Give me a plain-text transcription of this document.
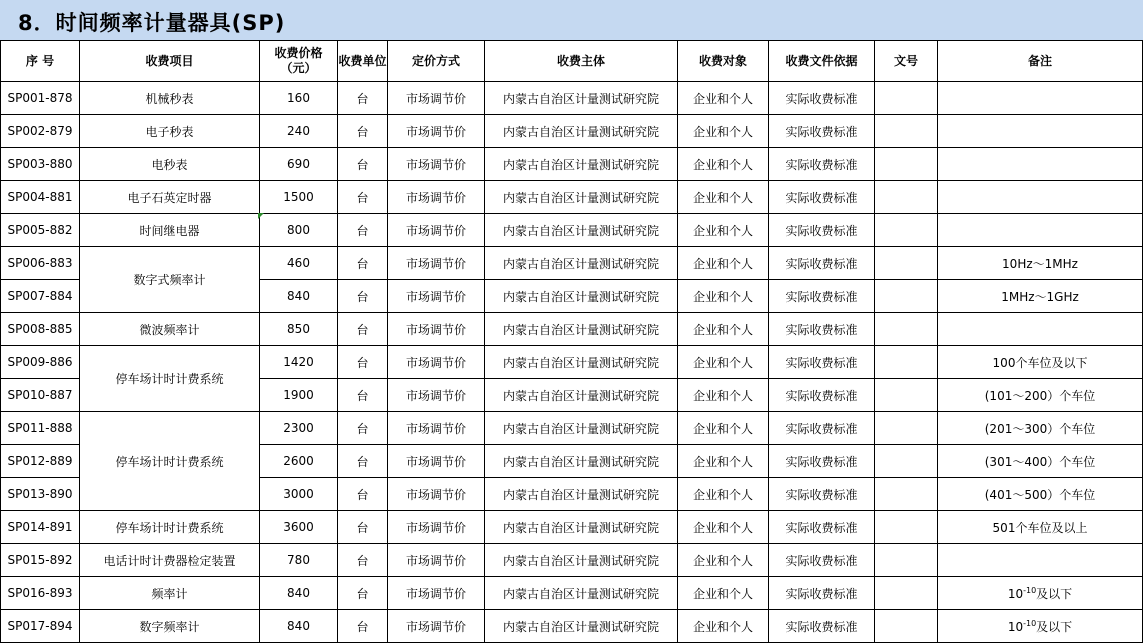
8．时间频率计量器具(SP)
序 号	收费项目	收费价格（元）	收费单位	定价方式	收费主体	收费对象	收费文件依据	文号	备注
SP001-878	机械秒表	160	台	市场调节价	内蒙古自治区计量测试研究院	企业和个人	实际收费标准		
SP002-879	电子秒表	240	台	市场调节价	内蒙古自治区计量测试研究院	企业和个人	实际收费标准		
SP003-880	电秒表	690	台	市场调节价	内蒙古自治区计量测试研究院	企业和个人	实际收费标准		
SP004-881	电子石英定时器	1500	台	市场调节价	内蒙古自治区计量测试研究院	企业和个人	实际收费标准		
SP005-882	时间继电器	800	台	市场调节价	内蒙古自治区计量测试研究院	企业和个人	实际收费标准		
SP006-883	数字式频率计	460	台	市场调节价	内蒙古自治区计量测试研究院	企业和个人	实际收费标准		10Hz～1MHz
SP007-884		840	台	市场调节价	内蒙古自治区计量测试研究院	企业和个人	实际收费标准		1MHz～1GHz
SP008-885	微波频率计	850	台	市场调节价	内蒙古自治区计量测试研究院	企业和个人	实际收费标准		
SP009-886	停车场计时计费系统	1420	台	市场调节价	内蒙古自治区计量测试研究院	企业和个人	实际收费标准		100个车位及以下
SP010-887		1900	台	市场调节价	内蒙古自治区计量测试研究院	企业和个人	实际收费标准		(101～200）个车位
SP011-888	停车场计时计费系统	2300	台	市场调节价	内蒙古自治区计量测试研究院	企业和个人	实际收费标准		(201～300）个车位
SP012-889		2600	台	市场调节价	内蒙古自治区计量测试研究院	企业和个人	实际收费标准		(301～400）个车位
SP013-890		3000	台	市场调节价	内蒙古自治区计量测试研究院	企业和个人	实际收费标准		(401～500）个车位
SP014-891	停车场计时计费系统	3600	台	市场调节价	内蒙古自治区计量测试研究院	企业和个人	实际收费标准		501个车位及以上
SP015-892	电话计时计费器检定装置	780	台	市场调节价	内蒙古自治区计量测试研究院	企业和个人	实际收费标准		
SP016-893	频率计	840	台	市场调节价	内蒙古自治区计量测试研究院	企业和个人	实际收费标准		$10^{-10}$及以下
SP017-894	数字频率计	840	台	市场调节价	内蒙古自治区计量测试研究院	企业和个人	实际收费标准		$10^{-10}$及以下
